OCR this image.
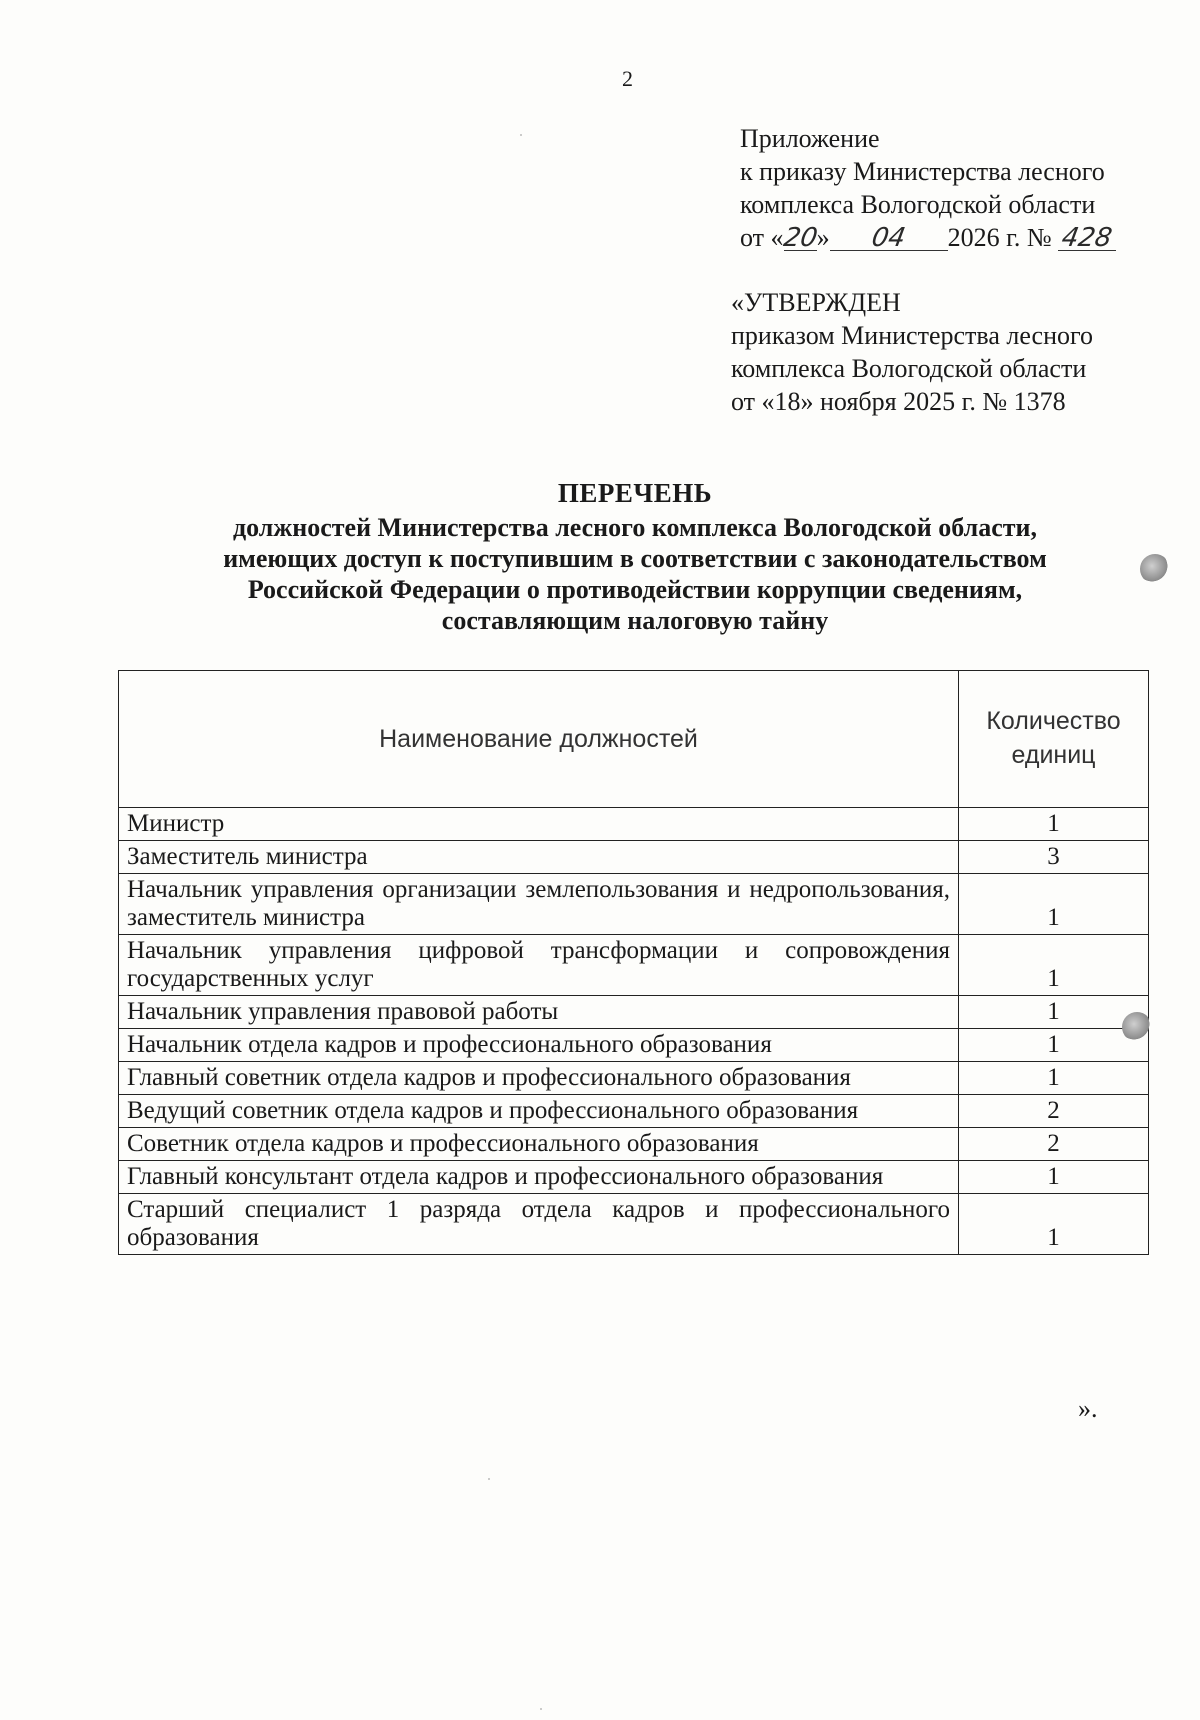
2
Приложение
к приказу Министерства лесного
комплекса Вологодской области
от «20» 04 2026 г. № 428
«УТВЕРЖДЕН
приказом Министерства лесного
комплекса Вологодской области
от «18» ноября 2025 г. № 1378
ПЕРЕЧЕНЬ
должностей Министерства лесного комплекса Вологодской области,
имеющих доступ к поступившим в соответствии с законодательством
Российской Федерации о противодействии коррупции сведениям,
составляющим налоговую тайну
Наименование должностей	Количество
единиц
Министр	1
Заместитель министра	3
Начальник управления организации землепользования и недропользования, заместитель министра	1
Начальник управления цифровой трансформации и сопровождения государственных услуг	1
Начальник управления правовой работы	1
Начальник отдела кадров и профессионального образования	1
Главный советник отдела кадров и профессионального образования	1
Ведущий советник отдела кадров и профессионального образования	2
Советник отдела кадров и профессионального образования	2
Главный консультант отдела кадров и профессионального образования	1
Старший специалист 1 разряда отдела кадров и профессионального образования	1
».
